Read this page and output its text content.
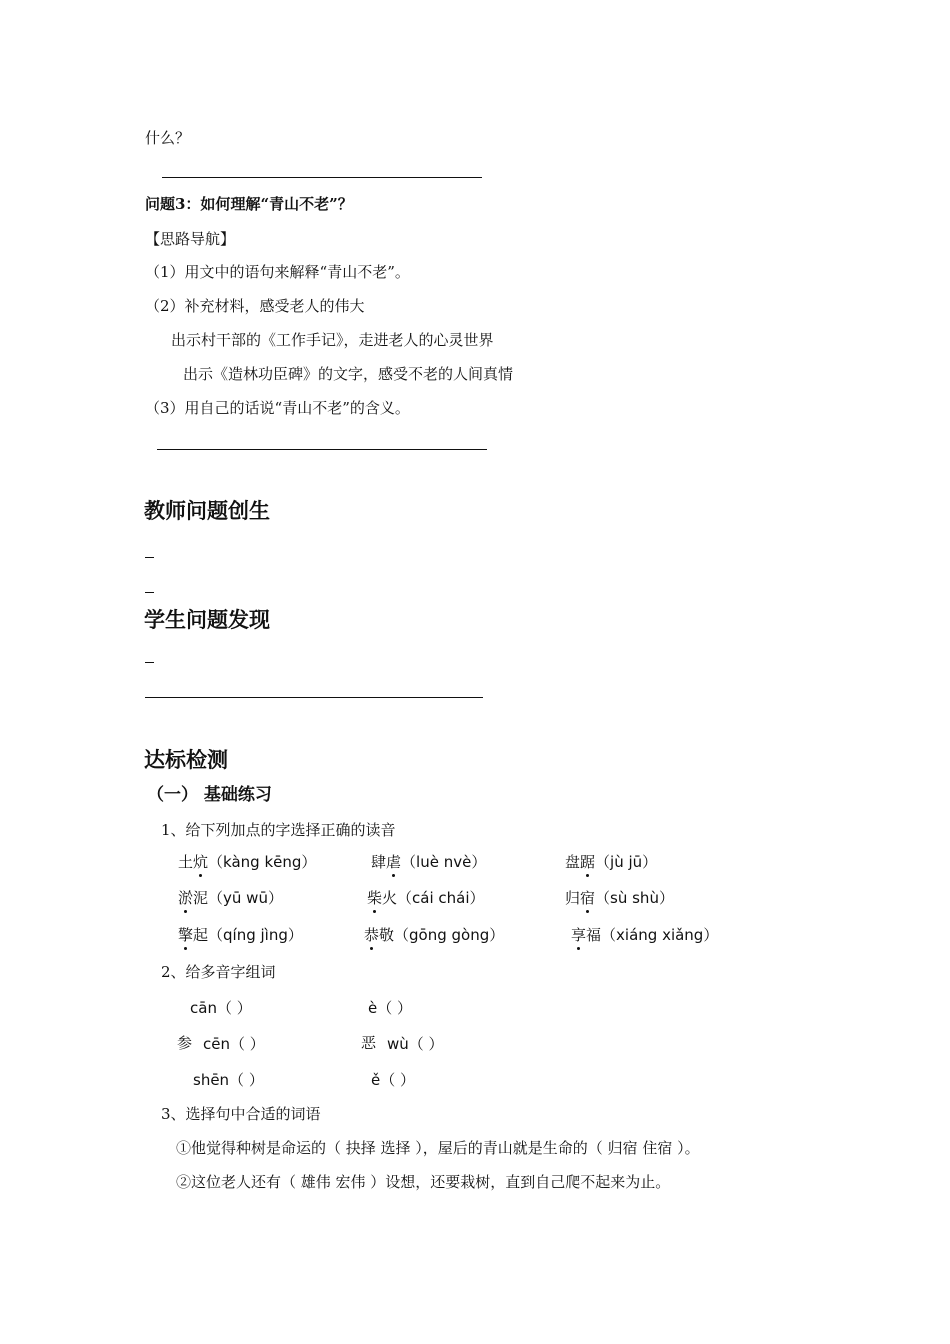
什么？
问题3：如何理解“青山不老”？
【思路导航】
（1）用文中的语句来解释“青山不老”。
（2）补充材料，感受老人的伟大
出示村干部的《工作手记》，走进老人的心灵世界
出示《造林功臣碑》的文字，感受不老的人间真情
（3）用自己的话说“青山不老”的含义。
教师问题创生
学生问题发现
达标检测
（一） 基础练习
1、给下列加点的字选择正确的读音
土炕（kàng kēng）	肆虐（luè nvè）	盘踞（jù jū）
淤泥（yū wū）	柴火（cái chái）	归宿（sù shù）
擎起（qíng jìng）	恭敬（gōng gòng）	享福（xiáng xiǎng）
2、给多音字组词
cān（ ）	è（ ）
参 cēn（ ）	恶 wù（ ）
shēn（ ）	ě（ ）
3、选择句中合适的词语
①他觉得种树是命运的（ 抉择 选择 ），屋后的青山就是生命的（ 归宿 住宿 ）。
②这位老人还有（ 雄伟 宏伟 ）设想，还要栽树，直到自己爬不起来为止。
